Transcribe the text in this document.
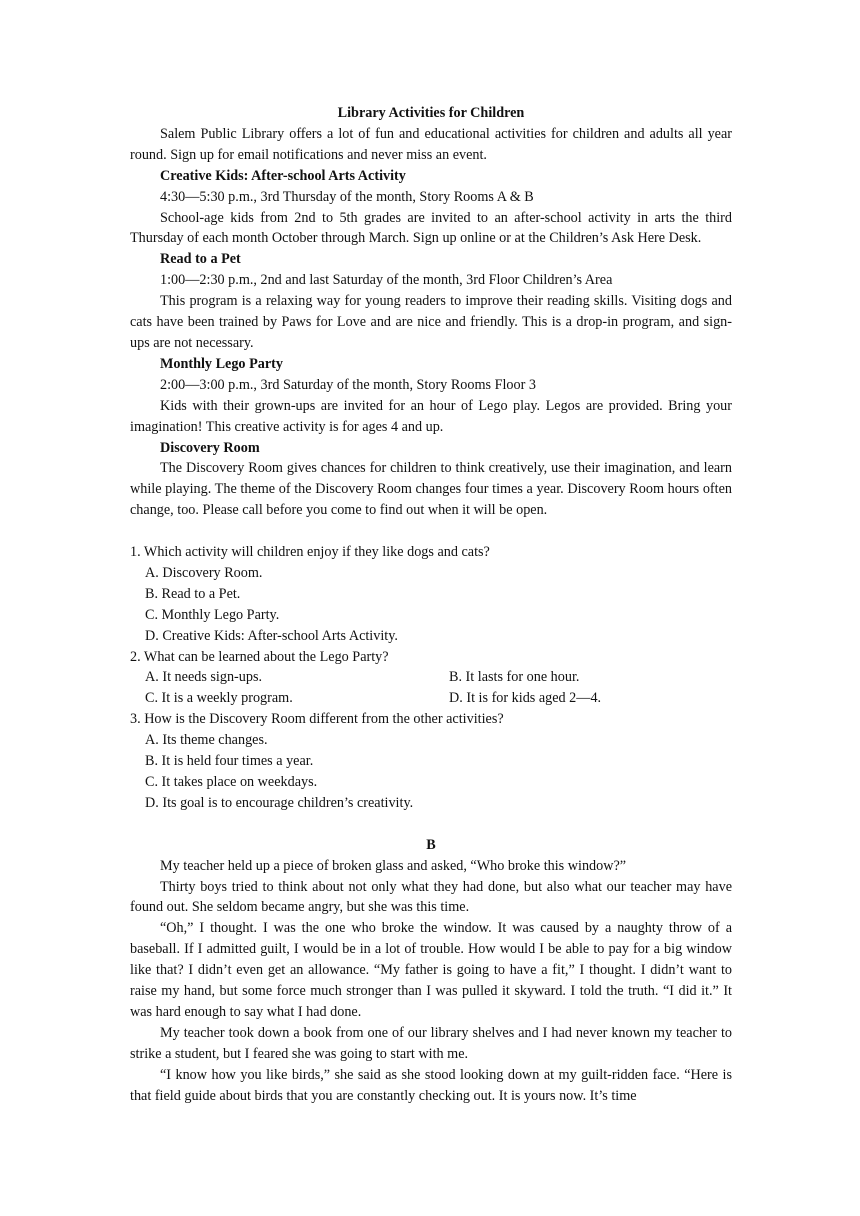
Library Activities for Children

Salem Public Library offers a lot of fun and educational activities for children and adults all year round. Sign up for email notifications and never miss an event.

Creative Kids: After-school Arts Activity

4:30—5:30 p.m., 3rd Thursday of the month, Story Rooms A & B

School-age kids from 2nd to 5th grades are invited to an after-school activity in arts the third Thursday of each month October through March. Sign up online or at the Children’s Ask Here Desk.

Read to a Pet

1:00—2:30 p.m., 2nd and last Saturday of the month, 3rd Floor Children’s Area

This program is a relaxing way for young readers to improve their reading skills. Visiting dogs and cats have been trained by Paws for Love and are nice and friendly. This is a drop-in program, and sign-ups are not necessary.

Monthly Lego Party

2:00—3:00 p.m., 3rd Saturday of the month, Story Rooms Floor 3

Kids with their grown-ups are invited for an hour of Lego play. Legos are provided. Bring your imagination! This creative activity is for ages 4 and up.

Discovery Room

The Discovery Room gives chances for children to think creatively, use their imagination, and learn while playing. The theme of the Discovery Room changes four times a year. Discovery Room hours often change, too. Please call before you come to find out when it will be open.

1. Which activity will children enjoy if they like dogs and cats?

A. Discovery Room.

B. Read to a Pet.

C. Monthly Lego Party.

D. Creative Kids: After-school Arts Activity.

2. What can be learned about the Lego Party?

A. It needs sign-ups.	B. It lasts for one hour.
C. It is a weekly program.	D. It is for kids aged 2—4.

3. How is the Discovery Room different from the other activities?

A. Its theme changes.

B. It is held four times a year.

C. It takes place on weekdays.

D. Its goal is to encourage children’s creativity.

B

My teacher held up a piece of broken glass and asked, “Who broke this window?”

Thirty boys tried to think about not only what they had done, but also what our teacher may have found out. She seldom became angry, but she was this time.

“Oh,” I thought. I was the one who broke the window. It was caused by a naughty throw of a baseball. If I admitted guilt, I would be in a lot of trouble. How would I be able to pay for a big window like that? I didn’t even get an allowance. “My father is going to have a fit,” I thought. I didn’t want to raise my hand, but some force much stronger than I was pulled it skyward. I told the truth. “I did it.” It was hard enough to say what I had done.

My teacher took down a book from one of our library shelves and I had never known my teacher to strike a student, but I feared she was going to start with me.

“I know how you like birds,” she said as she stood looking down at my guilt-ridden face. “Here is that field guide about birds that you are constantly checking out. It is yours now. It’s time
